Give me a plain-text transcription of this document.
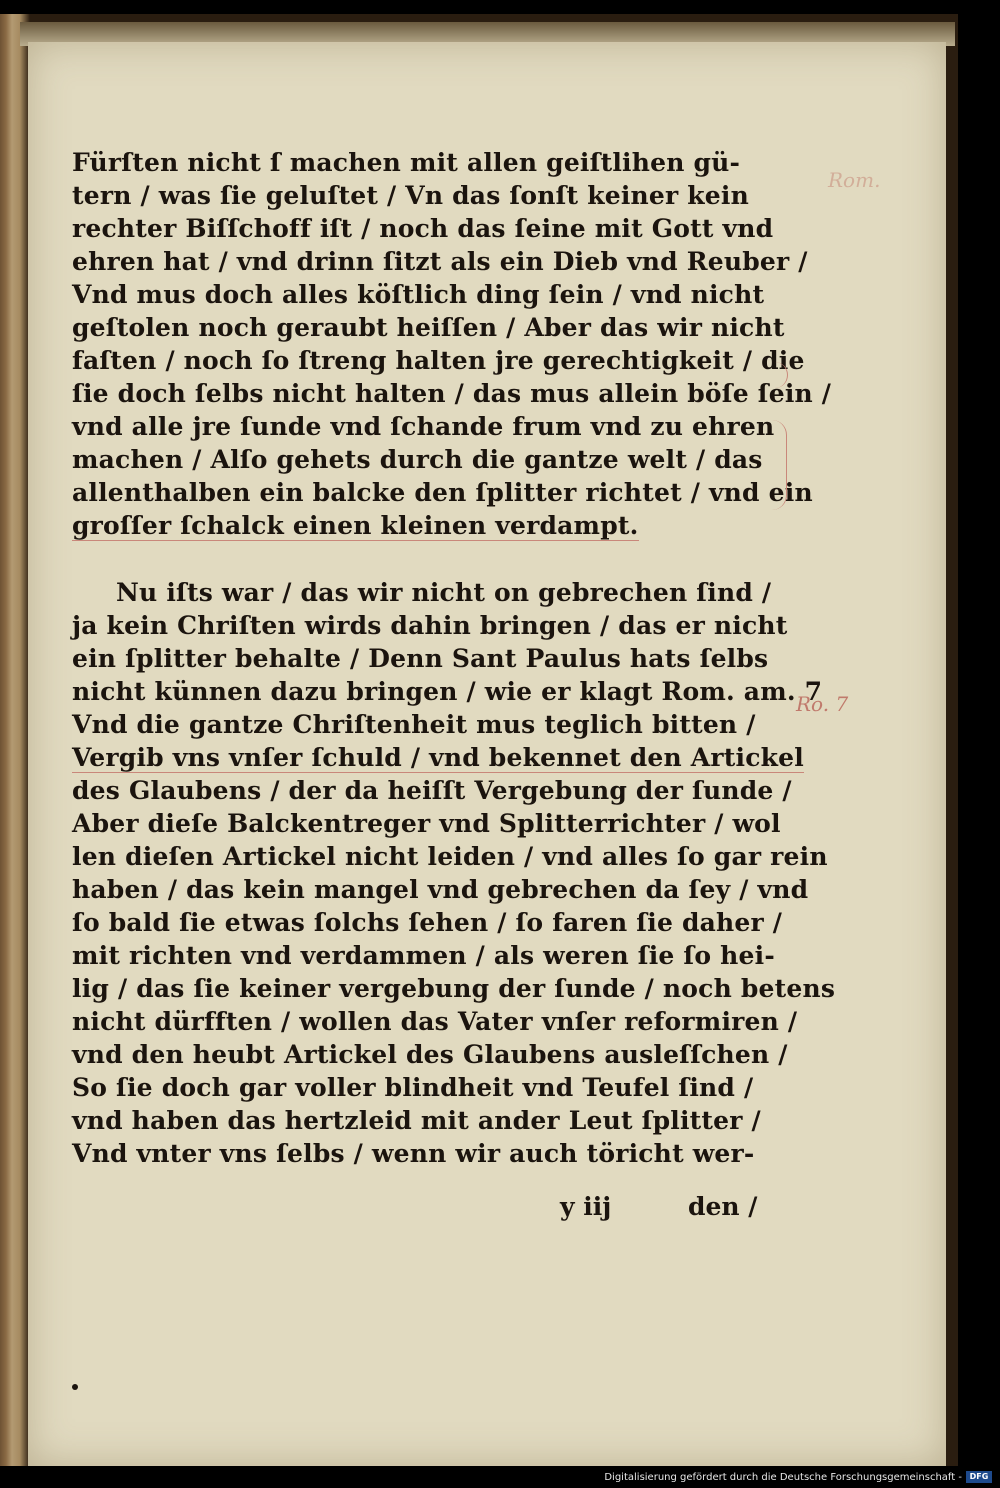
Fürſten nicht ſ machen mit allen geiſtlihen gü-
tern / was ſie geluſtet / Vn das ſonſt keiner kein
rechter Biſſchoff iſt / noch das ſeine mit Gott vnd
ehren hat / vnd drinn ſitzt als ein Dieb vnd Reuber /
Vnd mus doch alles köſtlich ding ſein / vnd nicht
geſtolen noch geraubt heiſſen / Aber das wir nicht
faſten / noch ſo ſtreng halten jre gerechtigkeit / die
ſie doch ſelbs nicht halten / das mus allein böſe ſein /
vnd alle jre ſunde vnd ſchande frum vnd zu ehren
machen / Alſo gehets durch die gantze welt / das
allenthalben ein balcke den ſplitter richtet / vnd ein
groſſer ſchalck einen kleinen verdampt.
Nu iſts war / das wir nicht on gebrechen ſind /
ja kein Chriſten wirds dahin bringen / das er nicht
ein ſplitter behalte / Denn Sant Paulus hats ſelbs
nicht künnen dazu bringen / wie er klagt Rom. am. 7
Vnd die gantze Chriſtenheit mus teglich bitten /
Vergib vns vnſer ſchuld / vnd bekennet den Artickel
des Glaubens / der da heiſſt Vergebung der ſunde /
Aber dieſe Balckentreger vnd Splitterrichter / wol
len dieſen Artickel nicht leiden / vnd alles ſo gar rein
haben / das kein mangel vnd gebrechen da ſey / vnd
ſo bald ſie etwas ſolchs ſehen / ſo faren ſie daher /
mit richten vnd verdammen / als weren ſie ſo hei-
lig / das ſie keiner vergebung der ſunde / noch betens
nicht dürfften / wollen das Vater vnſer reformiren /
vnd den heubt Artickel des Glaubens ausleſſchen /
So ſie doch gar voller blindheit vnd Teufel ſind /
vnd haben das hertzleid mit ander Leut ſplitter /
Vnd vnter vns ſelbs / wenn wir auch töricht wer-
y iij	den /
Rom.
Ro. 7
Digitalisierung gefördert durch die Deutsche Forschungsgemeinschaft - DFG
